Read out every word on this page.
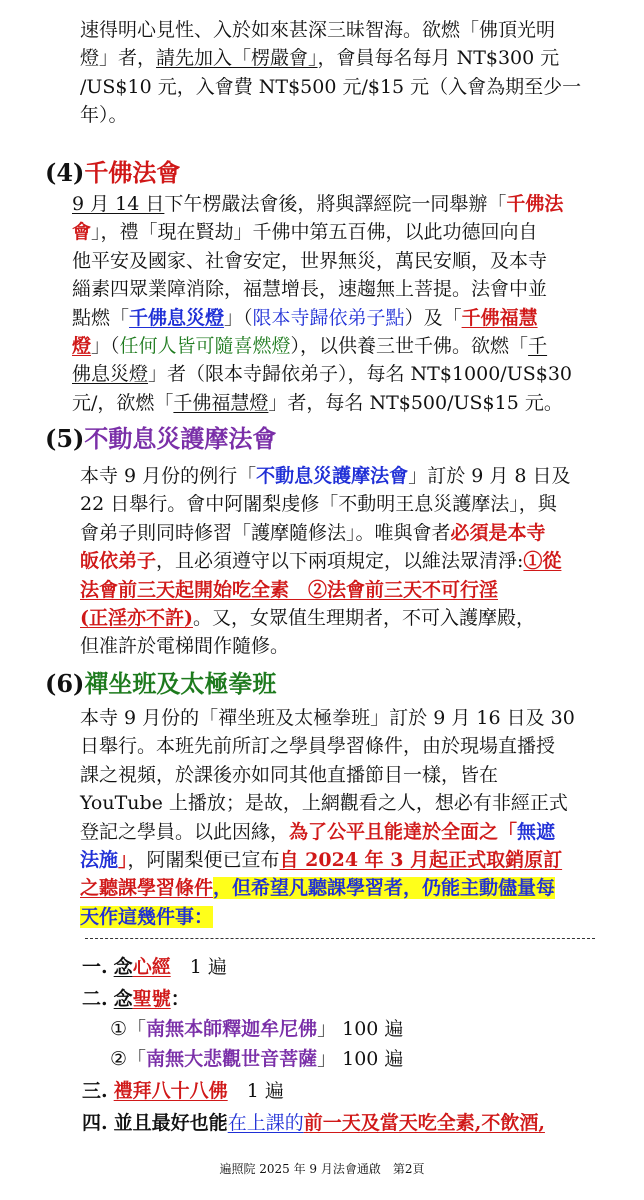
速得明心見性、入於如來甚深三昧智海。欲燃「佛頂光明
燈」者，請先加入「楞嚴會」，會員每名每月 NT$300 元
/US$10 元，入會費 NT$500 元/$15 元（入會為期至少一
年）。
(4)千佛法會
9 月 14 日下午楞嚴法會後，將與譯經院一同舉辦「千佛法
會」，禮「現在賢劫」千佛中第五百佛，以此功德回向自
他平安及國家、社會安定，世界無災，萬民安順，及本寺
緇素四眾業障消除，福慧增長，速趨無上菩提。法會中並
點燃「千佛息災燈」（限本寺歸依弟子點）及「千佛福慧
燈」（任何人皆可隨喜燃燈），以供養三世千佛。欲燃「千
佛息災燈」者（限本寺歸依弟子），每名 NT$1000/US$30
元/，欲燃「千佛福慧燈」者，每名 NT$500/US$15 元。
(5)不動息災護摩法會
本寺 9 月份的例行「不動息災護摩法會」訂於 9 月 8 日及
22 日舉行。會中阿闍梨虔修「不動明王息災護摩法」，與
會弟子則同時修習「護摩隨修法」。唯與會者必須是本寺
皈依弟子，且必須遵守以下兩項規定，以維法眾清淨:①從
法會前三天起開始吃全素　②法會前三天不可行淫
(正淫亦不許)。又，女眾值生理期者，不可入護摩殿，
但准許於電梯間作隨修。
(6)禪坐班及太極拳班
本寺 9 月份的「禪坐班及太極拳班」訂於 9 月 16 日及 30
日舉行。本班先前所訂之學員學習條件，由於現場直播授
課之視頻，於課後亦如同其他直播節目一樣，皆在
YouTube 上播放；是故，上網觀看之人，想必有非經正式
登記之學員。以此因緣，為了公平且能達於全面之「無遮
法施」，阿闍梨便已宣布自 2024 年 3 月起正式取銷原訂
之聽課學習條件，但希望凡聽課學習者，仍能主動儘量每
天作這幾件事：
一. 念心經　1 遍
二. 念聖號：
①「南無本師釋迦牟尼佛」 100 遍
②「南無大悲觀世音菩薩」 100 遍
三. 禮拜八十八佛　1 遍
四. 並且最好也能在上課的前一天及當天吃全素,不飲酒,
遍照院 2025 年 9 月法會通啟　第2頁
